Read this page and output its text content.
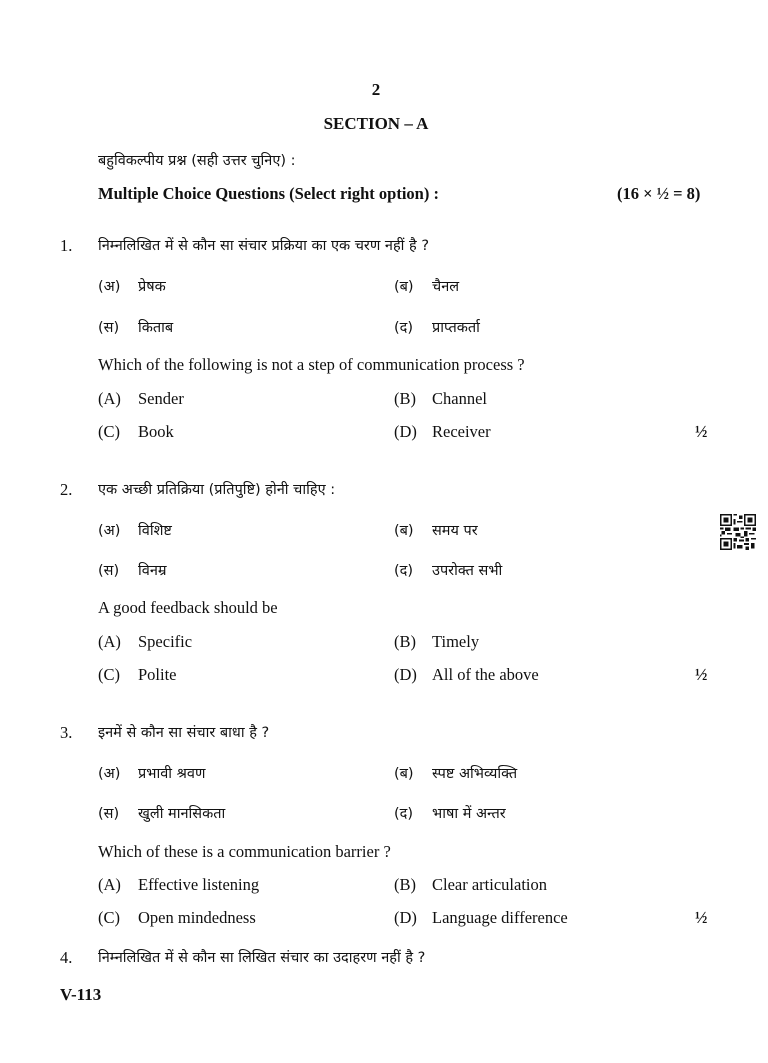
2
SECTION – A
बहुविकल्पीय प्रश्न (सही उत्तर चुनिए) :
Multiple Choice Questions (Select right option) :	(16 × ½ = 8)
1. निम्नलिखित में से कौन सा संचार प्रक्रिया का एक चरण नहीं है ?
(अ) प्रेषक	(ब) चैनल
(स) किताब	(द) प्राप्तकर्ता
Which of the following is not a step of communication process ?
(A) Sender	(B) Channel
(C) Book	(D) Receiver	½
2. एक अच्छी प्रतिक्रिया (प्रतिपुष्टि) होनी चाहिए :
(अ) विशिष्ट	(ब) समय पर
(स) विनम्र	(द) उपरोक्त सभी
A good feedback should be
(A) Specific	(B) Timely
(C) Polite	(D) All of the above	½
3. इनमें से कौन सा संचार बाधा है ?
(अ) प्रभावी श्रवण	(ब) स्पष्ट अभिव्यक्ति
(स) खुली मानसिकता	(द) भाषा में अन्तर
Which of these is a communication barrier ?
(A) Effective listening	(B) Clear articulation
(C) Open mindedness	(D) Language difference	½
4. निम्नलिखित में से कौन सा लिखित संचार का उदाहरण नहीं है ?
V-113
